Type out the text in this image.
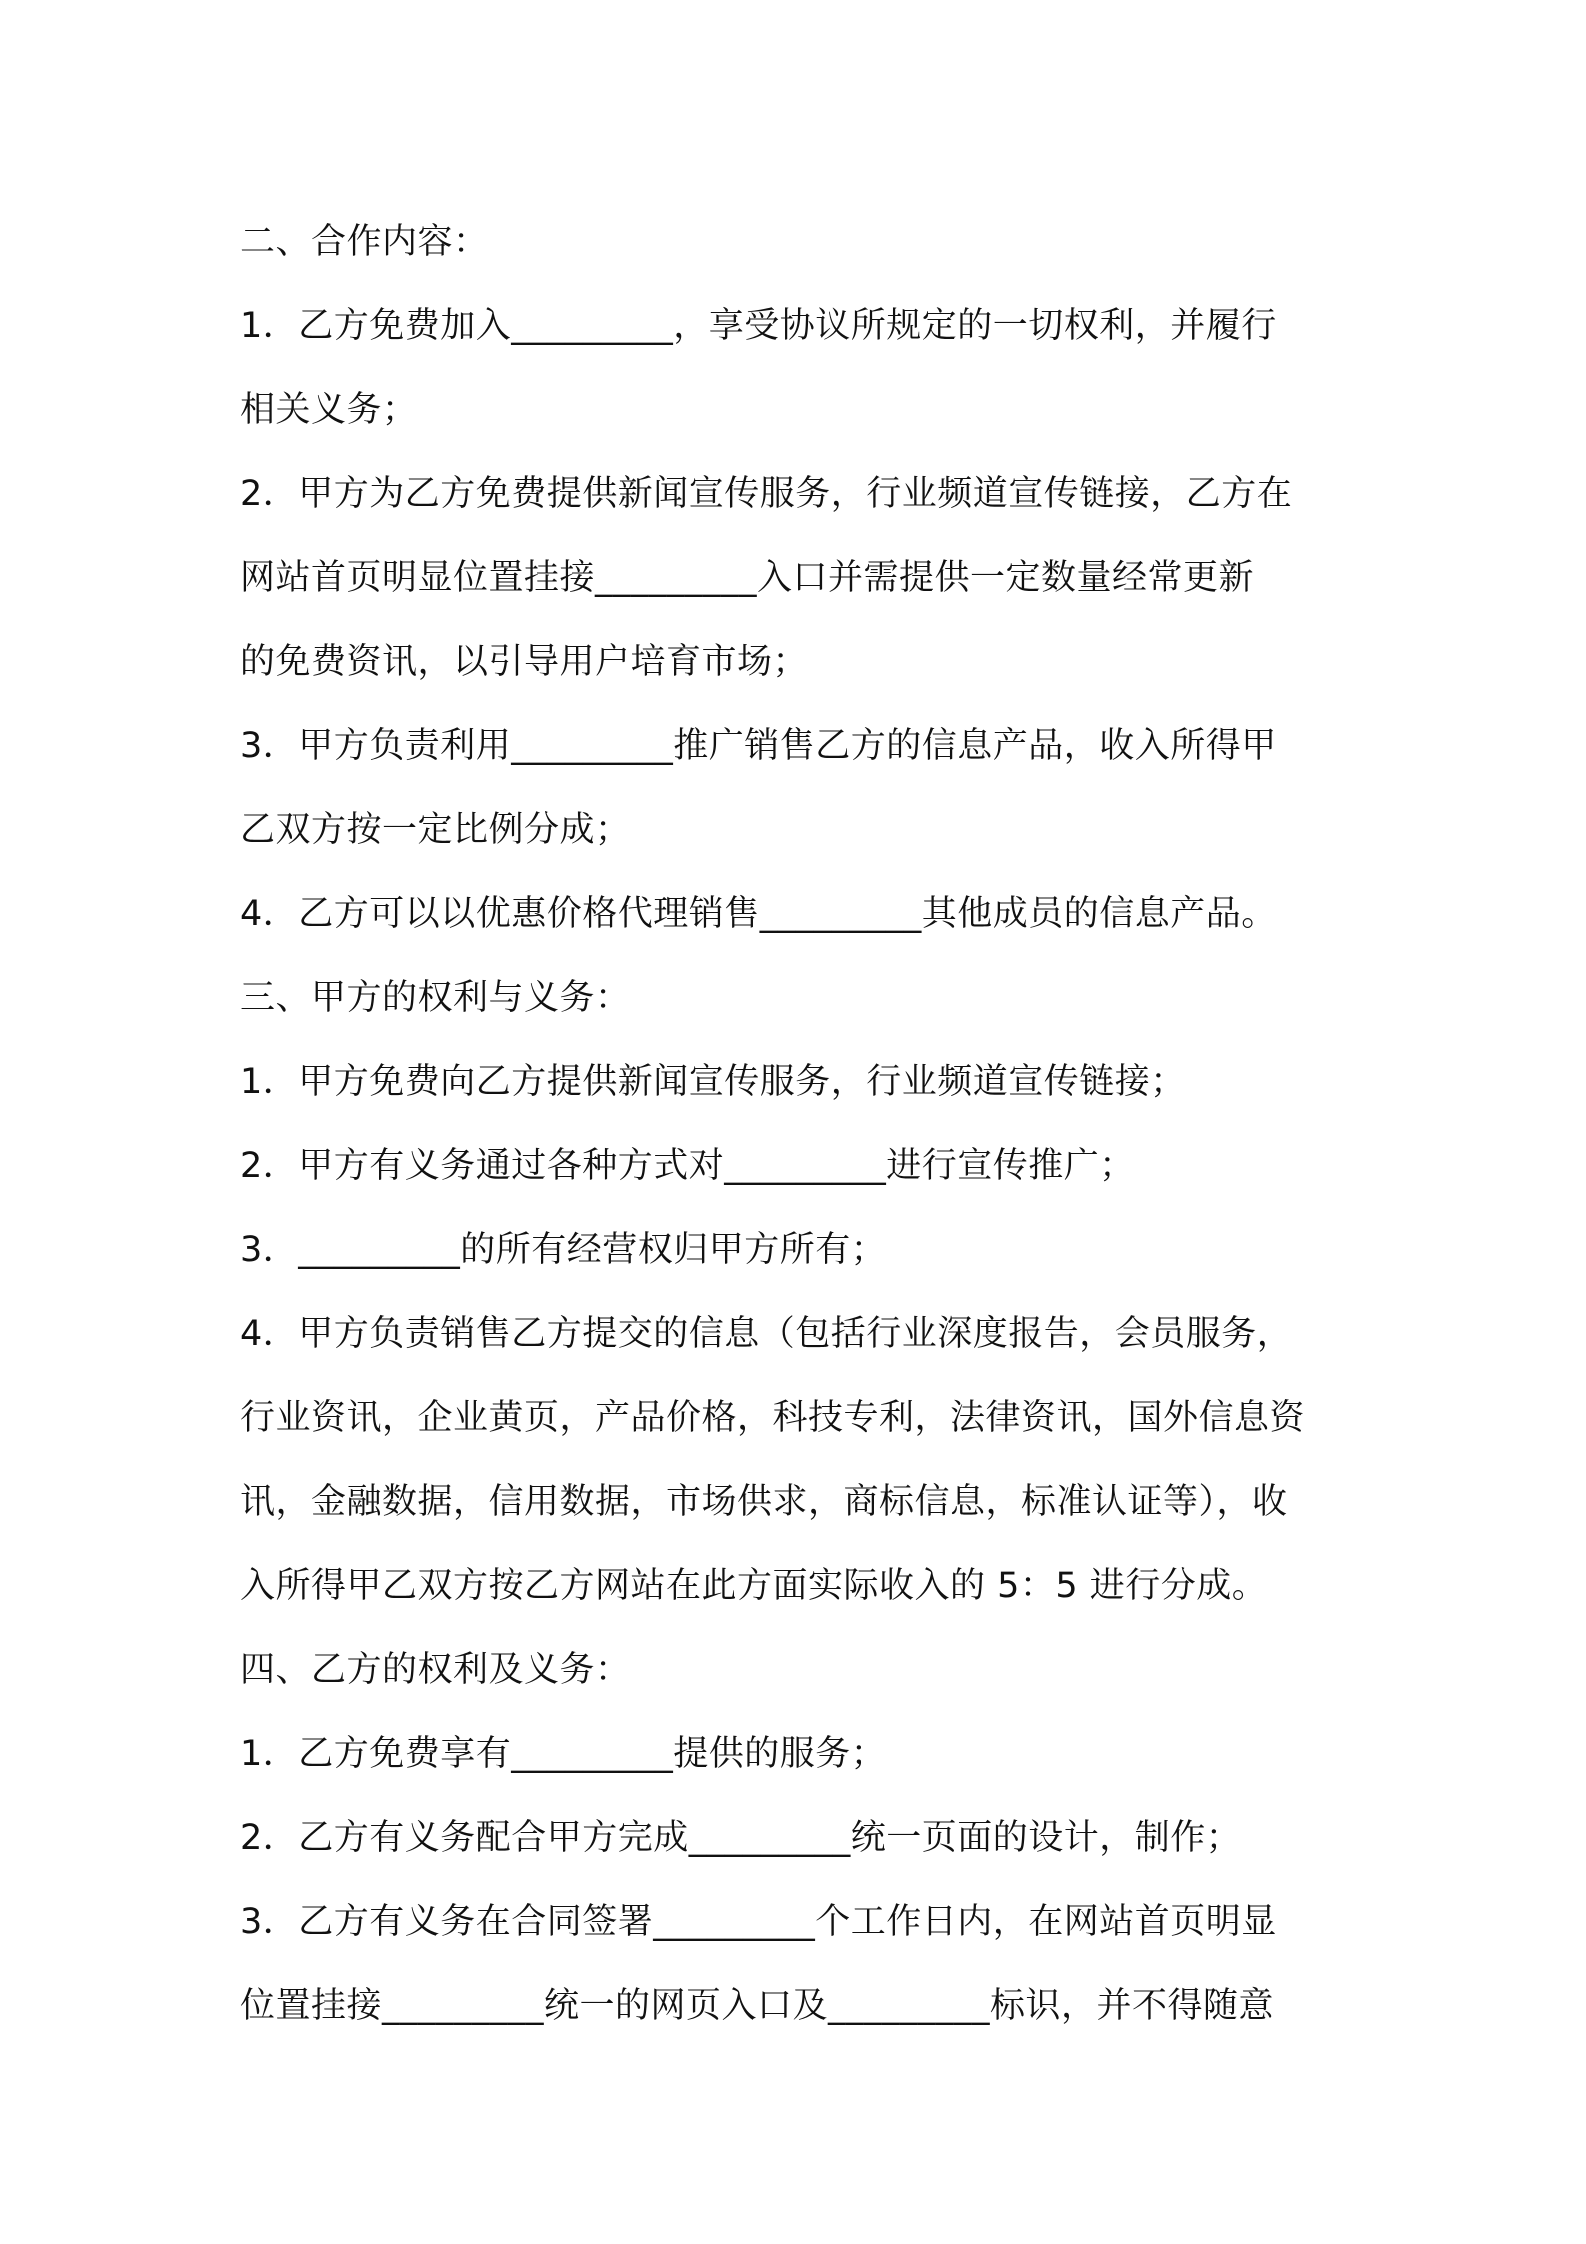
二、合作内容：
1．乙方免费加入_________，享受协议所规定的一切权利，并履行
相关义务；
2．甲方为乙方免费提供新闻宣传服务，行业频道宣传链接，乙方在
网站首页明显位置挂接_________入口并需提供一定数量经常更新
的免费资讯，以引导用户培育市场；
3．甲方负责利用_________推广销售乙方的信息产品，收入所得甲
乙双方按一定比例分成；
4．乙方可以以优惠价格代理销售_________其他成员的信息产品。
三、甲方的权利与义务：
1．甲方免费向乙方提供新闻宣传服务，行业频道宣传链接；
2．甲方有义务通过各种方式对_________进行宣传推广；
3．_________的所有经营权归甲方所有；
4．甲方负责销售乙方提交的信息（包括行业深度报告，会员服务，
行业资讯，企业黄页，产品价格，科技专利，法律资讯，国外信息资
讯，金融数据，信用数据，市场供求，商标信息，标准认证等），收
入所得甲乙双方按乙方网站在此方面实际收入的 5：5 进行分成。
四、乙方的权利及义务：
1．乙方免费享有_________提供的服务；
2．乙方有义务配合甲方完成_________统一页面的设计，制作；
3．乙方有义务在合同签署_________个工作日内，在网站首页明显
位置挂接_________统一的网页入口及_________标识，并不得随意
